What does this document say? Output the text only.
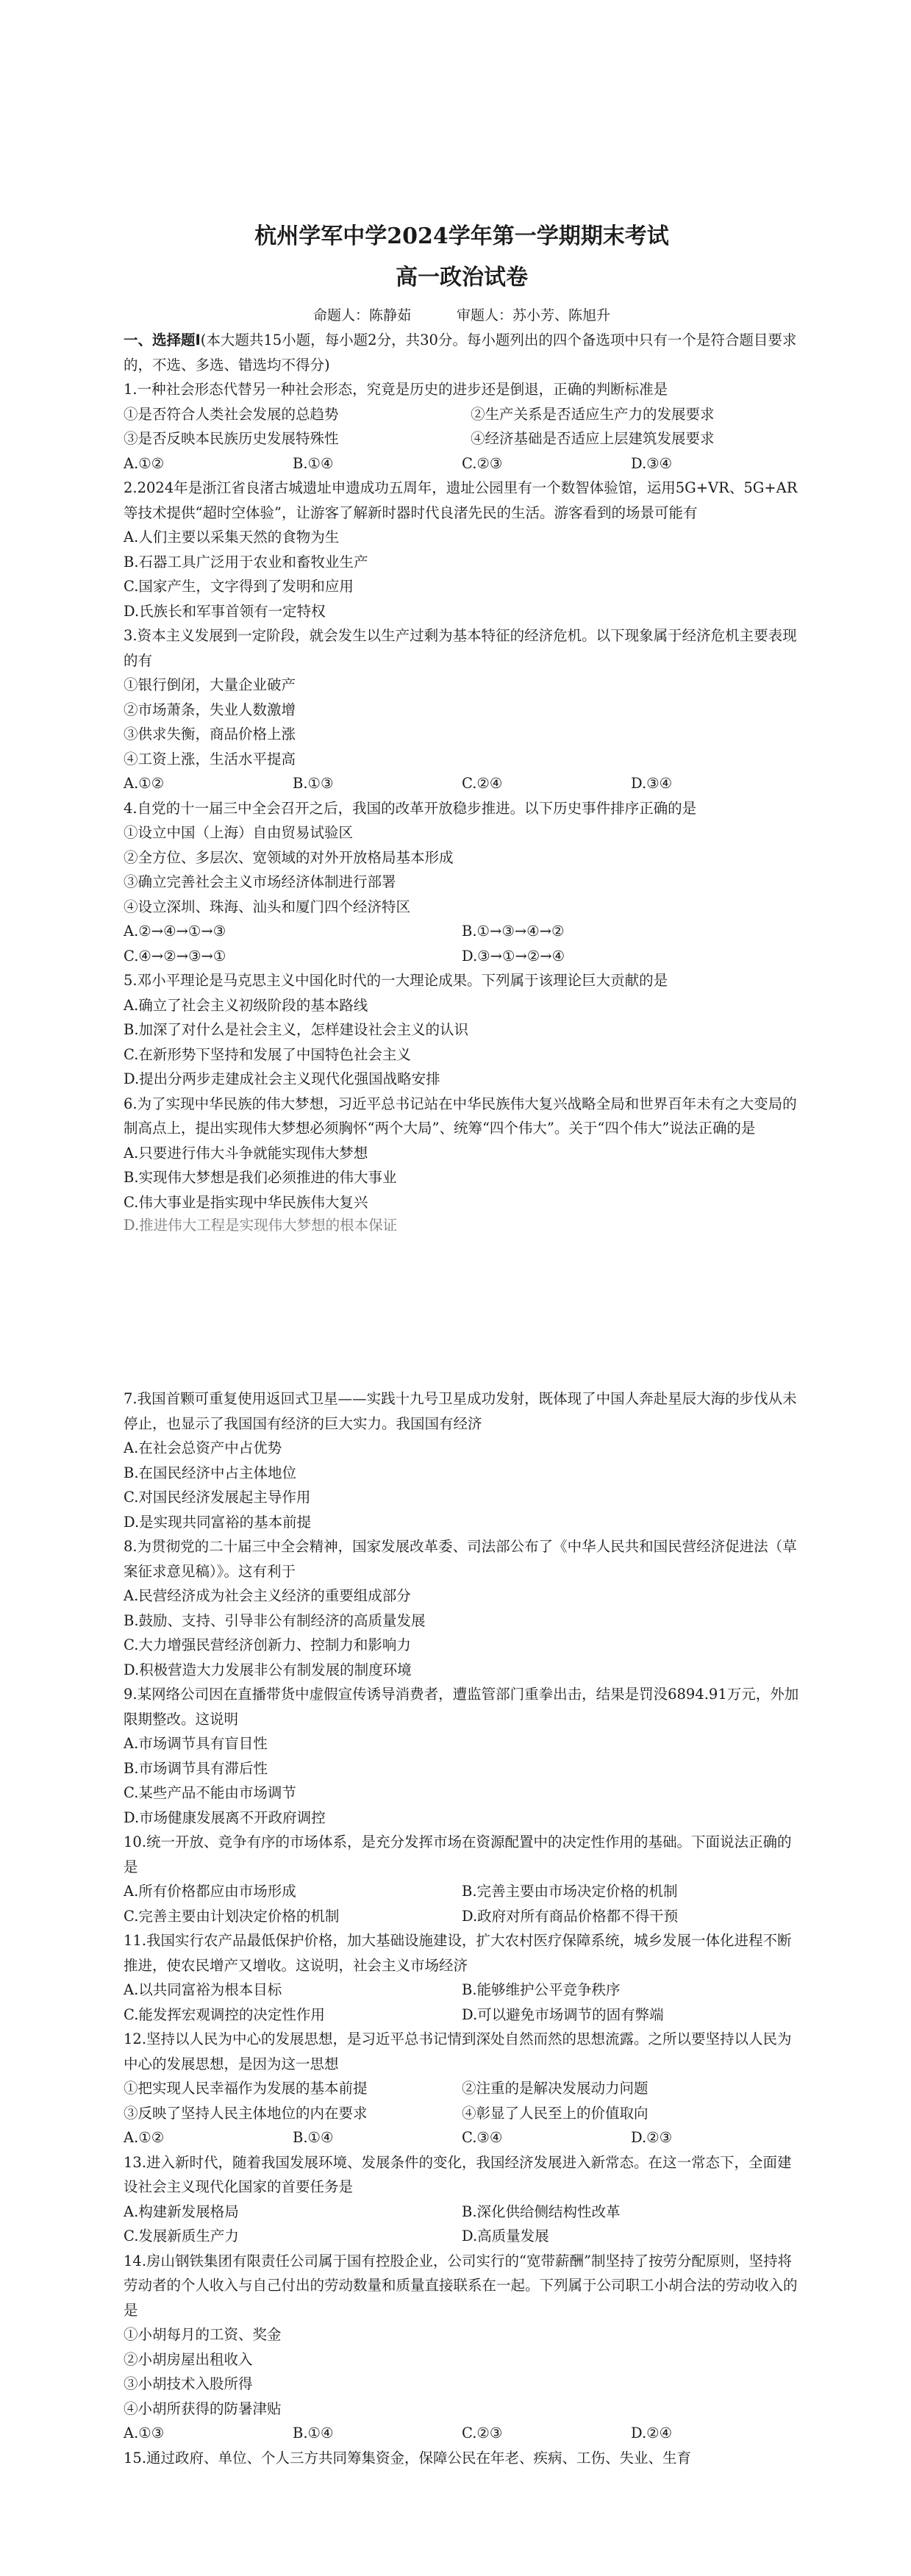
杭州学军中学2024学年第一学期期末考试

高一政治试卷

命题人：陈静茹	审题人：苏小芳、陈旭升

一、选择题Ⅰ(本大题共15小题，每小题2分，共30分。每小题列出的四个备选项中只有一个是符合题目要求的，不选、多选、错选均不得分)

1.一种社会形态代替另一种社会形态，究竟是历史的进步还是倒退，正确的判断标准是

①是否符合人类社会发展的总趋势	②生产关系是否适应生产力的发展要求
③是否反映本民族历史发展特殊性	④经济基础是否适应上层建筑发展要求
A.①②	B.①④	C.②③	D.③④

2.2024年是浙江省良渚古城遗址申遗成功五周年，遗址公园里有一个数智体验馆，运用5G+VR、5G+AR等技术提供“超时空体验”，让游客了解新时器时代良渚先民的生活。游客看到的场景可能有

A.人们主要以采集天然的食物为生

B.石器工具广泛用于农业和畜牧业生产

C.国家产生，文字得到了发明和应用

D.氏族长和军事首领有一定特权

3.资本主义发展到一定阶段，就会发生以生产过剩为基本特征的经济危机。以下现象属于经济危机主要表现的有

①银行倒闭，大量企业破产

②市场萧条，失业人数激增

③供求失衡，商品价格上涨

④工资上涨，生活水平提高

A.①②	B.①③	C.②④	D.③④

4.自党的十一届三中全会召开之后，我国的改革开放稳步推进。以下历史事件排序正确的是

①设立中国（上海）自由贸易试验区

②全方位、多层次、宽领域的对外开放格局基本形成

③确立完善社会主义市场经济体制进行部署

④设立深圳、珠海、汕头和厦门四个经济特区

A.②→④→①→③	B.①→③→④→②
C.④→②→③→①	D.③→①→②→④

5.邓小平理论是马克思主义中国化时代的一大理论成果。下列属于该理论巨大贡献的是

A.确立了社会主义初级阶段的基本路线

B.加深了对什么是社会主义，怎样建设社会主义的认识

C.在新形势下坚持和发展了中国特色社会主义

D.提出分两步走建成社会主义现代化强国战略安排

6.为了实现中华民族的伟大梦想，习近平总书记站在中华民族伟大复兴战略全局和世界百年未有之大变局的制高点上，提出实现伟大梦想必须胸怀“两个大局”、统筹“四个伟大”。关于“四个伟大”说法正确的是

A.只要进行伟大斗争就能实现伟大梦想

B.实现伟大梦想是我们必须推进的伟大事业

C.伟大事业是指实现中华民族伟大复兴

D.推进伟大工程是实现伟大梦想的根本保证

7.我国首颗可重复使用返回式卫星——实践十九号卫星成功发射，既体现了中国人奔赴星辰大海的步伐从未停止，也显示了我国国有经济的巨大实力。我国国有经济

A.在社会总资产中占优势

B.在国民经济中占主体地位

C.对国民经济发展起主导作用

D.是实现共同富裕的基本前提

8.为贯彻党的二十届三中全会精神，国家发展改革委、司法部公布了《中华人民共和国民营经济促进法（草案征求意见稿）》。这有利于

A.民营经济成为社会主义经济的重要组成部分

B.鼓励、支持、引导非公有制经济的高质量发展

C.大力增强民营经济创新力、控制力和影响力

D.积极营造大力发展非公有制发展的制度环境

9.某网络公司因在直播带货中虚假宣传诱导消费者，遭监管部门重拳出击，结果是罚没6894.91万元，外加限期整改。这说明

A.市场调节具有盲目性

B.市场调节具有滞后性

C.某些产品不能由市场调节

D.市场健康发展离不开政府调控

10.统一开放、竞争有序的市场体系，是充分发挥市场在资源配置中的决定性作用的基础。下面说法正确的是

A.所有价格都应由市场形成	B.完善主要由市场决定价格的机制
C.完善主要由计划决定价格的机制	D.政府对所有商品价格都不得干预

11.我国实行农产品最低保护价格，加大基础设施建设，扩大农村医疗保障系统，城乡发展一体化进程不断推进，使农民增产又增收。这说明，社会主义市场经济

A.以共同富裕为根本目标	B.能够维护公平竞争秩序
C.能发挥宏观调控的决定性作用	D.可以避免市场调节的固有弊端

12.坚持以人民为中心的发展思想，是习近平总书记情到深处自然而然的思想流露。之所以要坚持以人民为中心的发展思想，是因为这一思想

①把实现人民幸福作为发展的基本前提	②注重的是解决发展动力问题
③反映了坚持人民主体地位的内在要求	④彰显了人民至上的价值取向
A.①②	B.①④	C.③④	D.②③

13.进入新时代，随着我国发展环境、发展条件的变化，我国经济发展进入新常态。在这一常态下，全面建设社会主义现代化国家的首要任务是

A.构建新发展格局	B.深化供给侧结构性改革
C.发展新质生产力	D.高质量发展

14.房山钢铁集团有限责任公司属于国有控股企业，公司实行的“宽带薪酬”制坚持了按劳分配原则，坚持将劳动者的个人收入与自己付出的劳动数量和质量直接联系在一起。下列属于公司职工小胡合法的劳动收入的是

①小胡每月的工资、奖金

②小胡房屋出租收入

③小胡技术入股所得

④小胡所获得的防暑津贴

A.①③	B.①④	C.②③	D.②④

15.通过政府、单位、个人三方共同筹集资金，保障公民在年老、疾病、工伤、失业、生育
